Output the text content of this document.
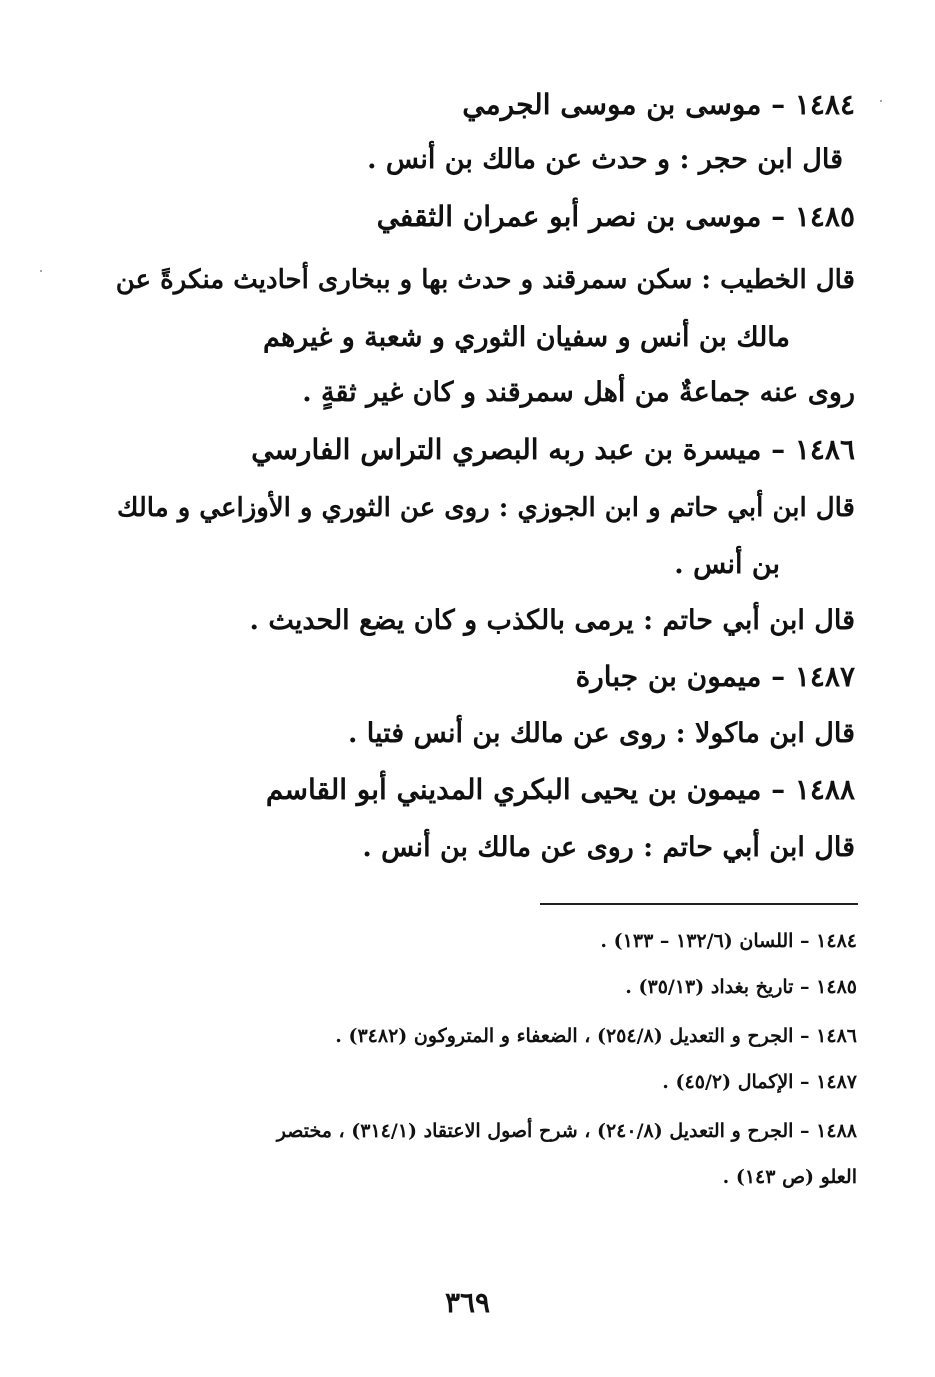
١٤٨٤ – موسى بن موسى الجرمي
قال ابن حجر : و حدث عن مالك بن أنس .
١٤٨٥ – موسى بن نصر أبو عمران الثقفي
قال الخطيب : سكن سمرقند و حدث بها و ببخارى أحاديث منكرةً عن
مالك بن أنس و سفيان الثوري و شعبة و غيرهم
روى عنه جماعةٌ من أهل سمرقند و كان غير ثقةٍ .
١٤٨٦ – ميسرة بن عبد ربه البصري التراس الفارسي
قال ابن أبي حاتم و ابن الجوزي : روى عن الثوري و الأوزاعي و مالك
بن أنس .
قال ابن أبي حاتم : يرمى بالكذب و كان يضع الحديث .
١٤٨٧ – ميمون بن جبارة
قال ابن ماكولا : روى عن مالك بن أنس فتيا .
١٤٨٨ – ميمون بن يحيى البكري المديني أبو القاسم
قال ابن أبي حاتم : روى عن مالك بن أنس .
١٤٨٤ – اللسان (١٣٢/٦ – ١٣٣) .
١٤٨٥ – تاريخ بغداد (٣٥/١٣) .
١٤٨٦ – الجرح و التعديل (٢٥٤/٨) ، الضعفاء و المتروكون (٣٤٨٢) .
١٤٨٧ – الإكمال (٤٥/٢) .
١٤٨٨ – الجرح و التعديل (٢٤٠/٨) ، شرح أصول الاعتقاد (٣١٤/١) ، مختصر
العلو (ص ١٤٣) .
٣٦٩
